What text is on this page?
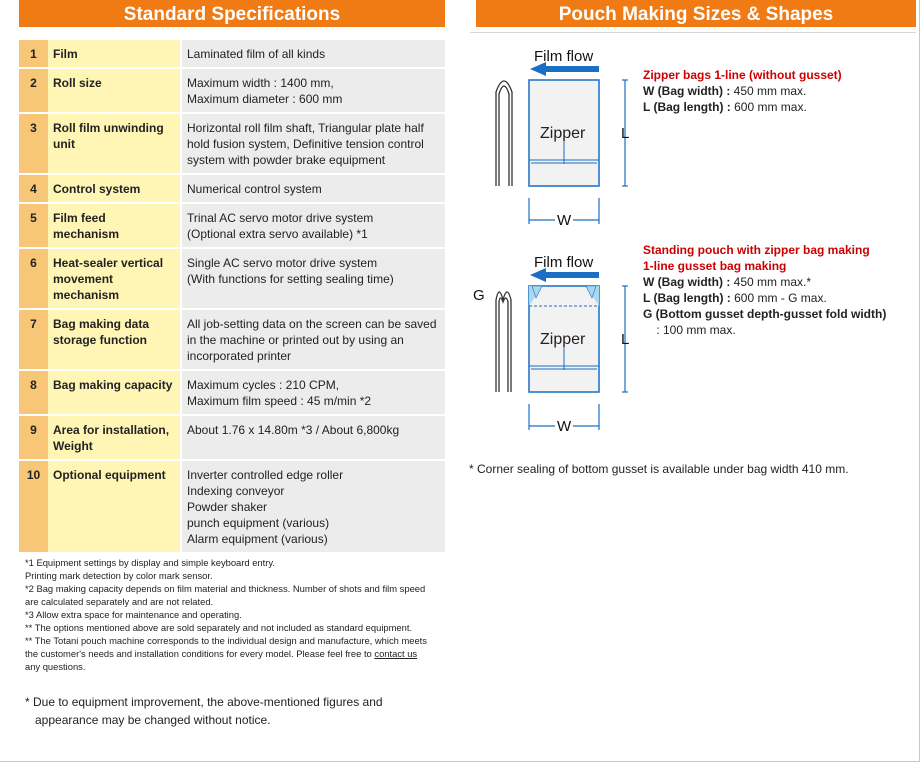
Standard Specifications	Pouch Making Sizes & Shapes
1	Film	Laminated film of all kinds
2	Roll size	Maximum width : 1400 mm,
Maximum diameter : 600 mm
3	Roll film unwinding unit	Horizontal roll film shaft, Triangular plate half hold fusion system, Definitive tension control system with powder brake equipment
4	Control system	Numerical control system
5	Film feed mechanism	Trinal AC servo motor drive system
(Optional extra servo available) *1
6	Heat-sealer vertical movement mechanism	Single AC servo motor drive system
(With functions for setting sealing time)
7	Bag making data storage function	All job-setting data on the screen can be saved in the machine or printed out by using an incorporated printer
8	Bag making capacity	Maximum cycles : 210 CPM,
Maximum film speed : 45 m/min *2
9	Area for installation, Weight	About 1.76 x 14.80m *3 / About 6,800kg
10	Optional equipment	Inverter controlled edge roller
Indexing conveyor
Powder shaker
punch equipment (various)
Alarm equipment (various)
*1 Equipment settings by display and simple keyboard entry.
Printing mark detection by color mark sensor.
*2 Bag making capacity depends on film material and thickness. Number of shots and film speed are calculated separately and are not related.
*3 Allow extra space for maintenance and operating.
** The options mentioned above are sold separately and not included as standard equipment.
** The Totani pouch machine corresponds to the individual design and manufacture, which meets the customer's needs and installation conditions for every model. Please feel free to contact us any questions.
* Due to equipment improvement, the above-mentioned figures and
appearance may be changed without notice.
Film flow
Zipper L
W
Film flow
G
Zipper L
W
Zipper bags 1-line (without gusset)
W (Bag width) : 450 mm max.
L (Bag length) : 600 mm max.
Standing pouch with zipper bag making
1-line gusset bag making
W (Bag width) : 450 mm max.*
L (Bag length) : 600 mm - G max.
G (Bottom gusset depth-gusset fold width)
: 100 mm max.
* Corner sealing of bottom gusset is available under bag width 410 mm.
